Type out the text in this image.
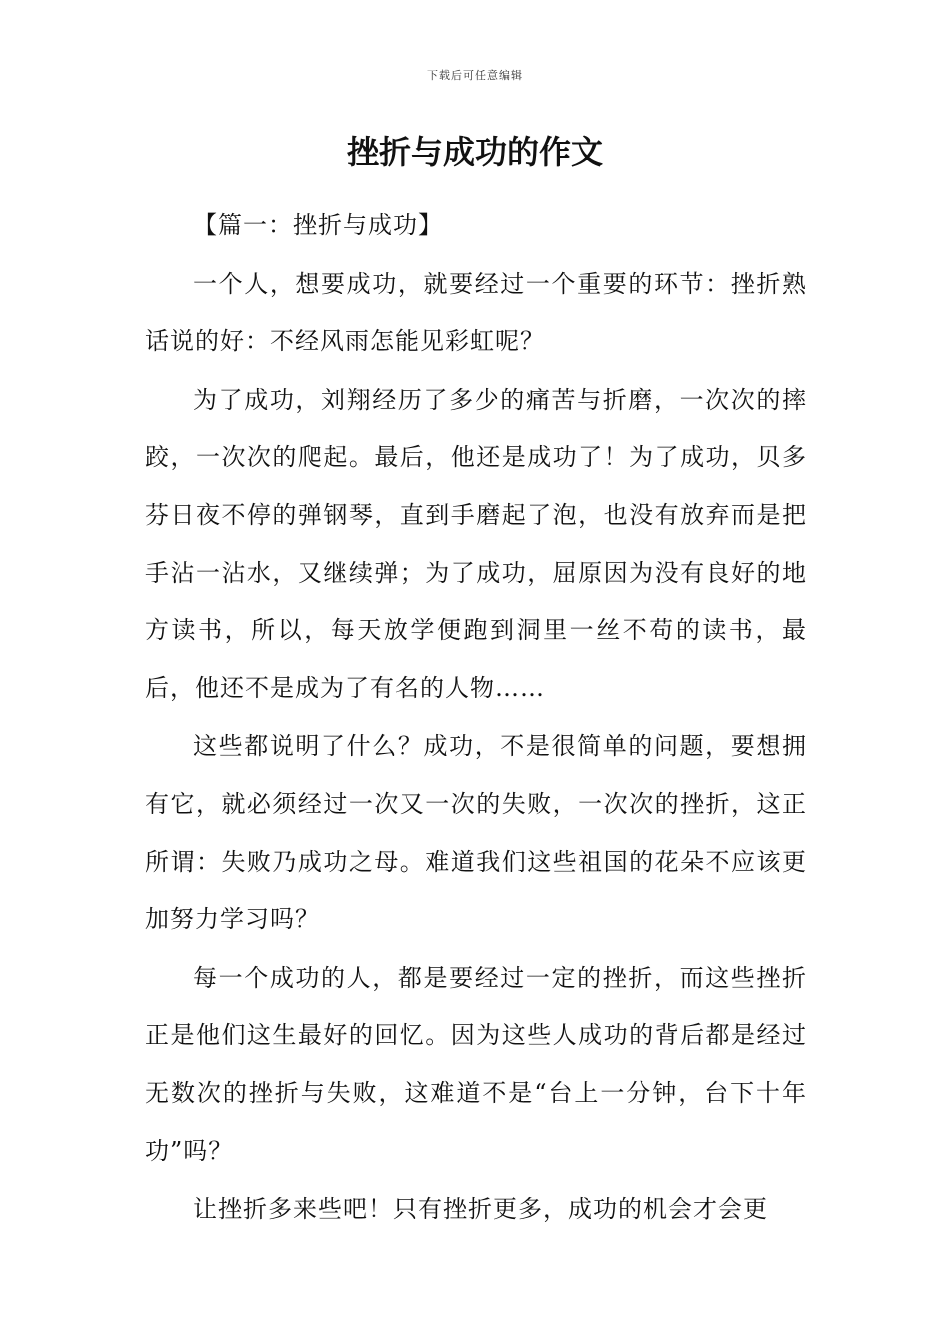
下载后可任意编辑
挫折与成功的作文

【篇一：挫折与成功】

一个人，想要成功，就要经过一个重要的环节：挫折熟话说的好：不经风雨怎能见彩虹呢？

为了成功，刘翔经历了多少的痛苦与折磨，一次次的摔跤，一次次的爬起。最后，他还是成功了！为了成功，贝多芬日夜不停的弹钢琴，直到手磨起了泡，也没有放弃而是把手沾一沾水，又继续弹；为了成功，屈原因为没有良好的地方读书，所以，每天放学便跑到洞里一丝不苟的读书，最后，他还不是成为了有名的人物……

这些都说明了什么？成功，不是很简单的问题，要想拥有它，就必须经过一次又一次的失败，一次次的挫折，这正所谓：失败乃成功之母。难道我们这些祖国的花朵不应该更加努力学习吗？

每一个成功的人，都是要经过一定的挫折，而这些挫折正是他们这生最好的回忆。因为这些人成功的背后都是经过无数次的挫折与失败，这难道不是“台上一分钟，台下十年功”吗？

让挫折多来些吧！只有挫折更多，成功的机会才会更
